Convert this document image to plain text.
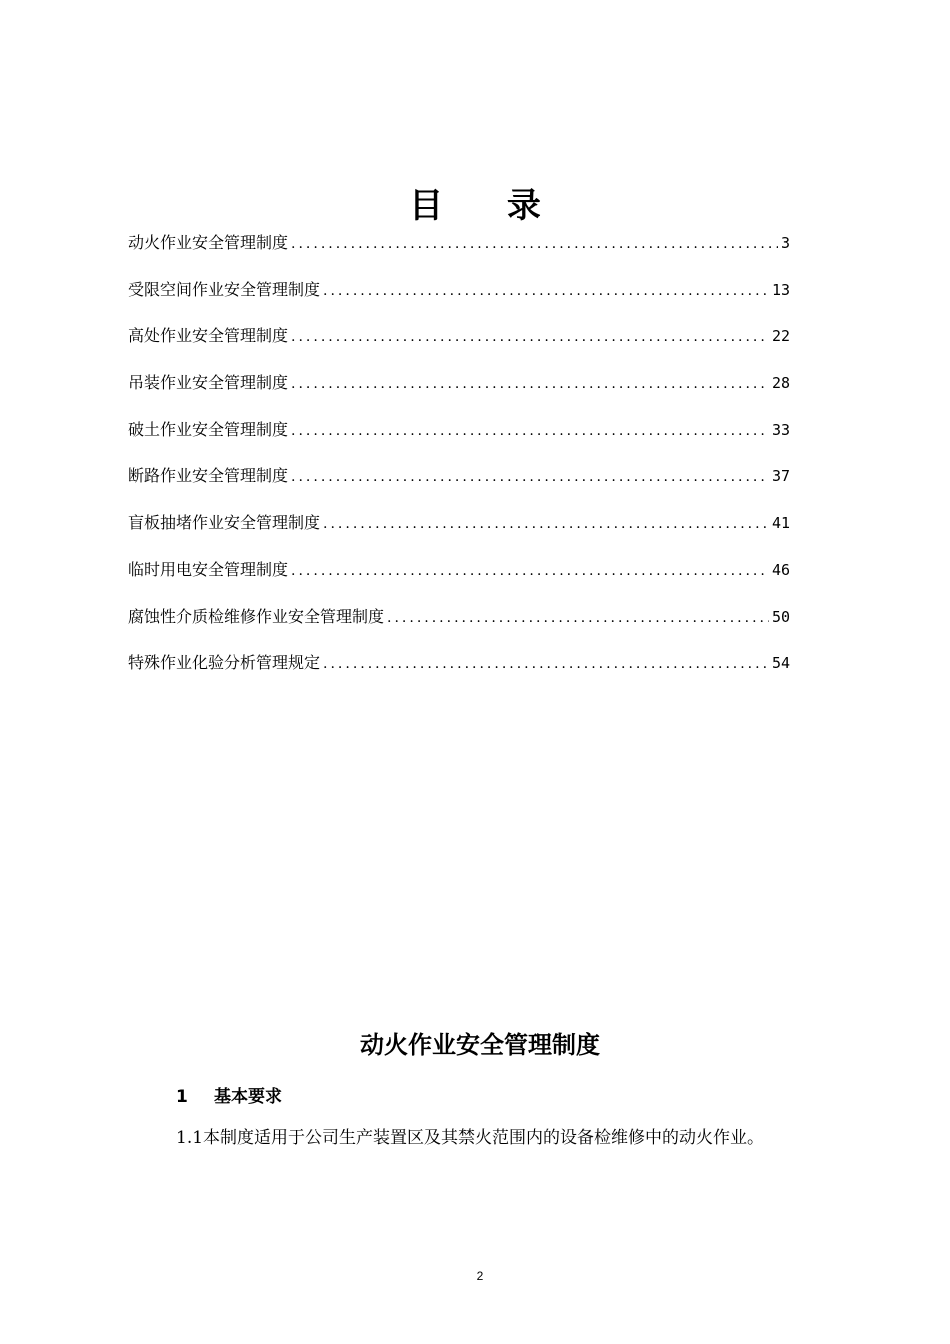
目 录
动火作业安全管理制度 .....	3
受限空间作业安全管理制度 .....	13
高处作业安全管理制度 .....	22
吊装作业安全管理制度 .....	28
破土作业安全管理制度 .....	33
断路作业安全管理制度 .....	37
盲板抽堵作业安全管理制度 .....	41
临时用电安全管理制度 .....	46
腐蚀性介质检维修作业安全管理制度 .....	50
特殊作业化验分析管理规定 .....	54
动火作业安全管理制度
1 基本要求
1.1本制度适用于公司生产装置区及其禁火范围内的设备检维修中的动火作业。
2
